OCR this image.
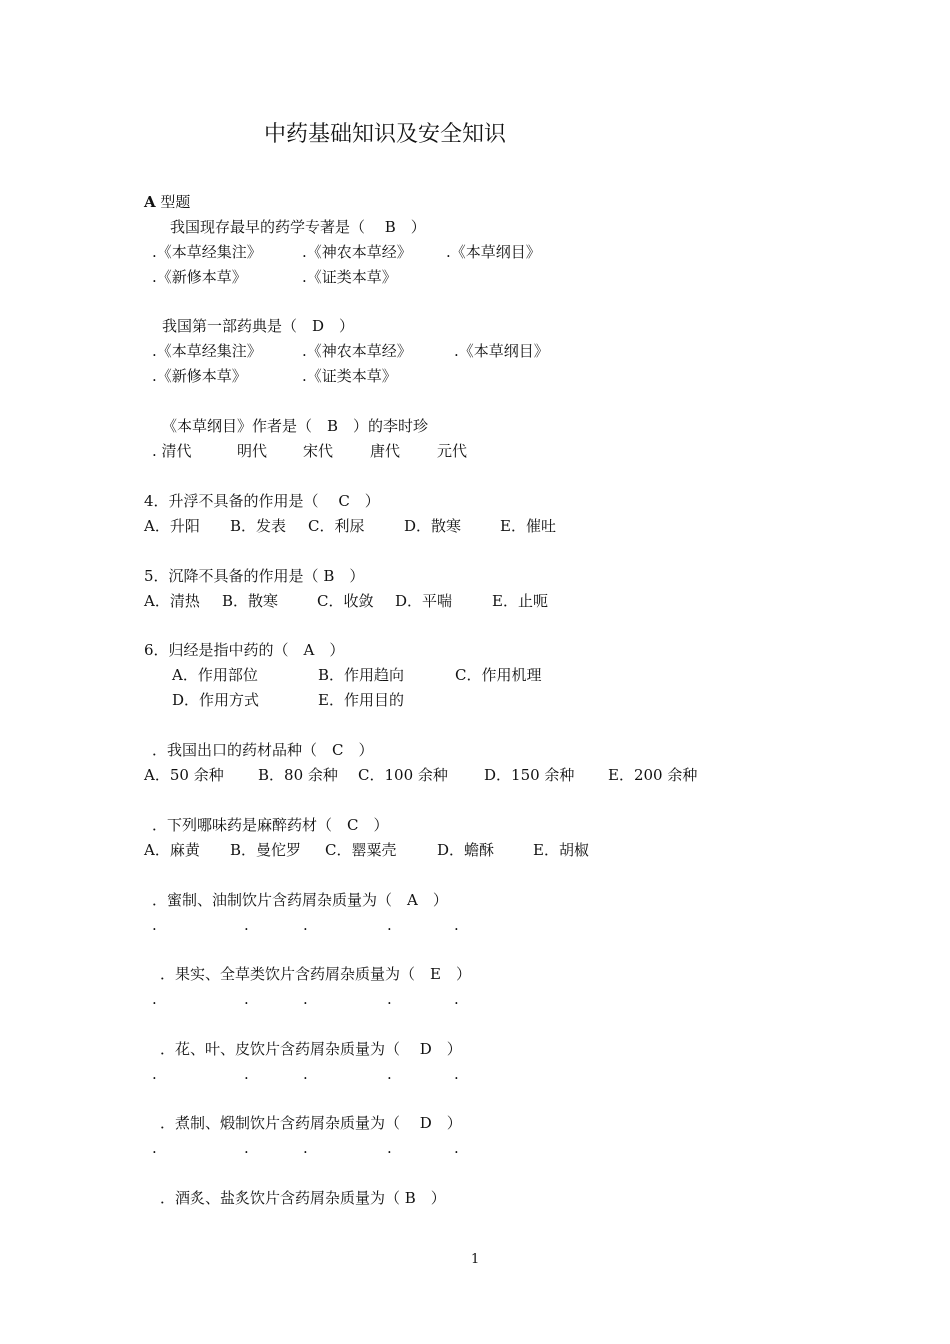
中药基础知识及安全知识
A 型题
我国现存最早的药学专著是（　 B　）
.《本草经集注》	.《神农本草经》 .《本草纲目》
.《新修本草》	.《证类本草》
我国第一部药典是（　D　）
.《本草经集注》	.《神农本草经》	.《本草纲目》
.《新修本草》	.《证类本草》
《本草纲目》作者是（　B　）的李时珍
. 清代	明代 宋代 唐代 元代
4．升浮不具备的作用是（　 C　）
A．升阳 B．发表 C．利尿	D．散寒	E．催吐
5．沉降不具备的作用是（ B　）
A．清热 B．散寒	C．收敛 D．平喘	E．止呃
6．归经是指中药的（　A　）
A．作用部位	B．作用趋向	C．作用机理
D．作用方式	E．作用目的
．我国出口的药材品种（　C　）
A．50 余种 B．80 余种 C．100 余种 D．150 余种 E．200 余种
．下列哪味药是麻醉药材（　C　）
A．麻黄 B．曼佗罗 C．罂粟壳	D．蟾酥	E．胡椒
．蜜制、油制饮片含药屑杂质量为（　A　）
.	.	.	.	.
．果实、全草类饮片含药屑杂质量为（　E　）
.	.	.	.	.
．花、叶、皮饮片含药屑杂质量为（　 D　）
.	.	.	.	.
．煮制、煅制饮片含药屑杂质量为（　 D　）
.	.	.	.	.
．酒炙、盐炙饮片含药屑杂质量为（ B　）
1
